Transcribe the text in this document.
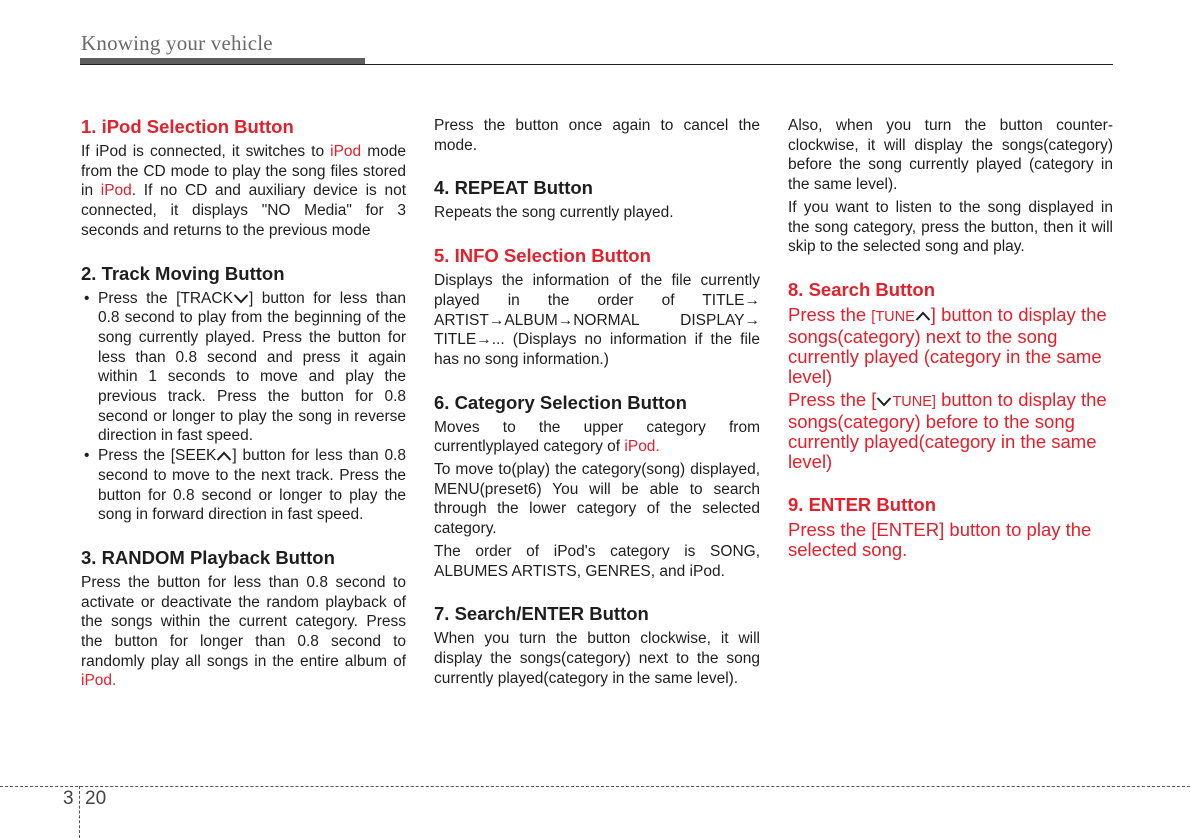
Knowing your vehicle
1. iPod Selection Button

If iPod is connected, it switches to iPod mode from the CD mode to play the song files stored in iPod. If no CD and auxiliary device is not connected, it displays "NO Media" for 3 seconds and returns to the previous mode

2. Track Moving Button
• Press the [TRACK ] button for less than 0.8 second to play from the beginning of the song currently played. Press the button for less than 0.8 second and press it again within 1 seconds to move and play the previous track. Press the button for 0.8 second or longer to play the song in reverse direction in fast speed.
• Press the [SEEK ] button for less than 0.8 second to move to the next track. Press the button for 0.8 second or longer to play the song in forward direction in fast speed.
3. RANDOM Playback Button

Press the button for less than 0.8 second to activate or deactivate the random playback of the songs within the current category. Press the button for longer than 0.8 second to randomly play all songs in the entire album of iPod.

Press the button once again to cancel the mode.

4. REPEAT Button

Repeats the song currently played.

5. INFO Selection Button

Displays the information of the file currently played in the order of TITLE→ ARTIST→ALBUM→NORMAL DISPLAY→ TITLE→... (Displays no information if the file has no song information.)

6. Category Selection Button

Moves to the upper category from currentlyplayed category of iPod.

To move to(play) the category(song) displayed, MENU(preset6) You will be able to search through the lower category of the selected category.

The order of iPod's category is SONG, ALBUMES ARTISTS, GENRES, and iPod.

7. Search/ENTER Button

When you turn the button clockwise, it will display the songs(category) next to the song currently played(category in the same level).

Also, when you turn the button counter-clockwise, it will display the songs(category) before the song currently played (category in the same level).

If you want to listen to the song displayed in the song category, press the button, then it will skip to the selected song and play.

8. Search Button

Press the [TUNE ] button to display the songs(category) next to the song currently played (category in the same level)

Press the [ TUNE] button to display the songs(category) before to the song currently played(category in the same level)

9. ENTER Button

Press the [ENTER] button to play the selected song.

3 20
